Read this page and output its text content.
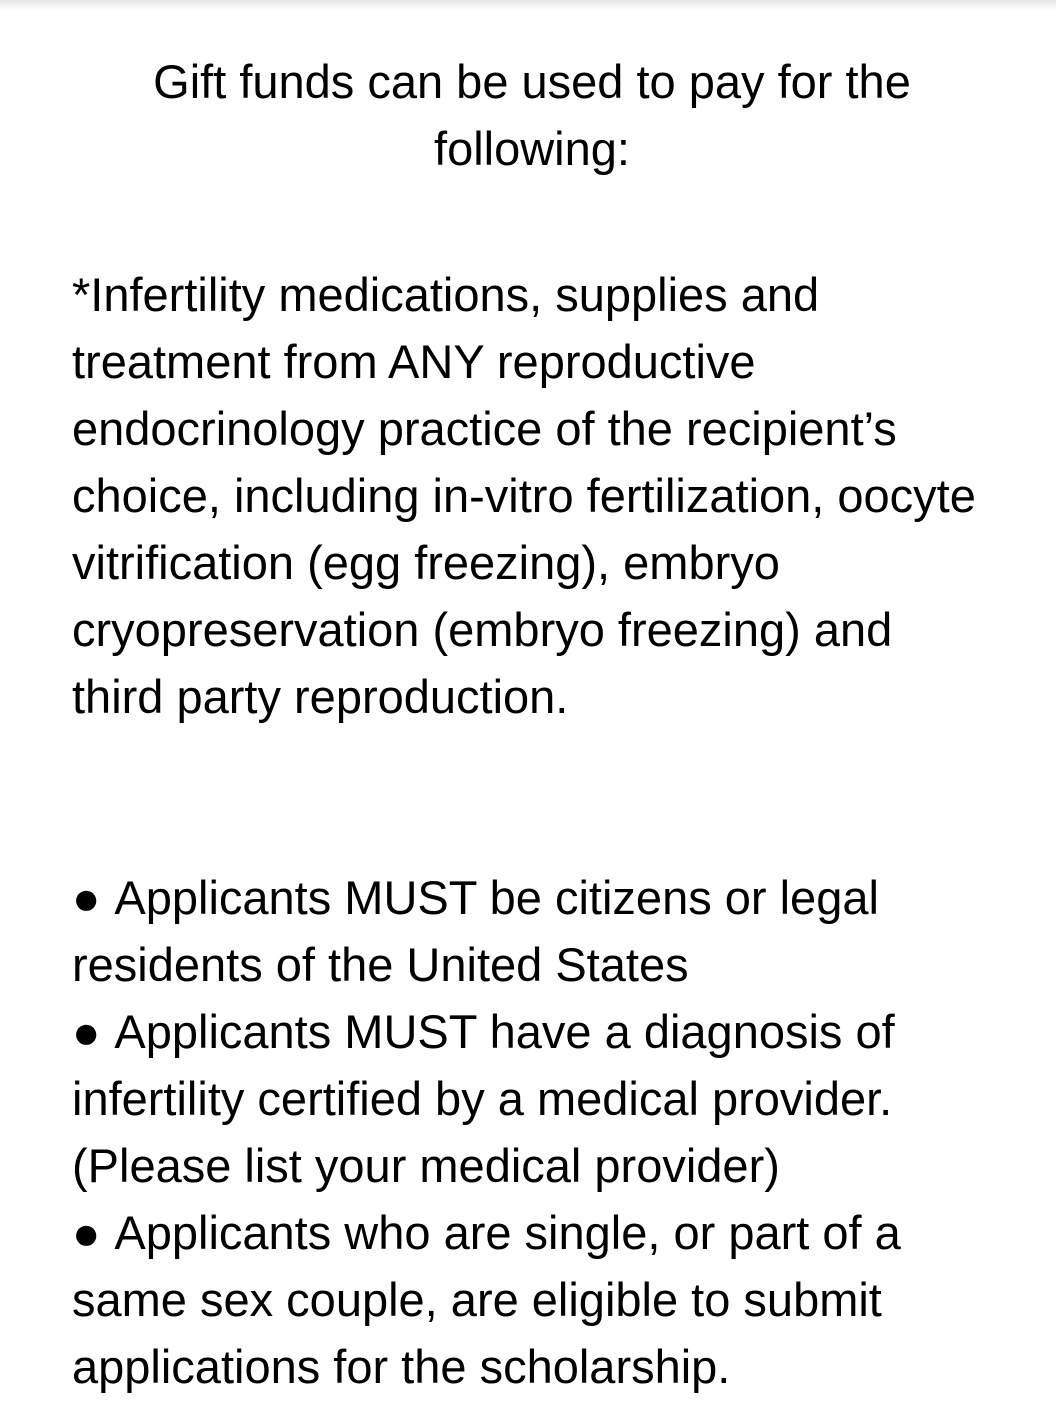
Gift funds can be used to pay for the following:

*Infertility medications, supplies and treatment from ANY reproductive endocrinology practice of the recipient’s choice, including in-vitro fertilization, oocyte vitrification (egg freezing), embryo cryopreservation (embryo freezing) and third party reproduction.

● Applicants MUST be citizens or legal residents of the United States
● Applicants MUST have a diagnosis of infertility certified by a medical provider. (Please list your medical provider)
● Applicants who are single, or part of a same sex couple, are eligible to submit applications for the scholarship.
